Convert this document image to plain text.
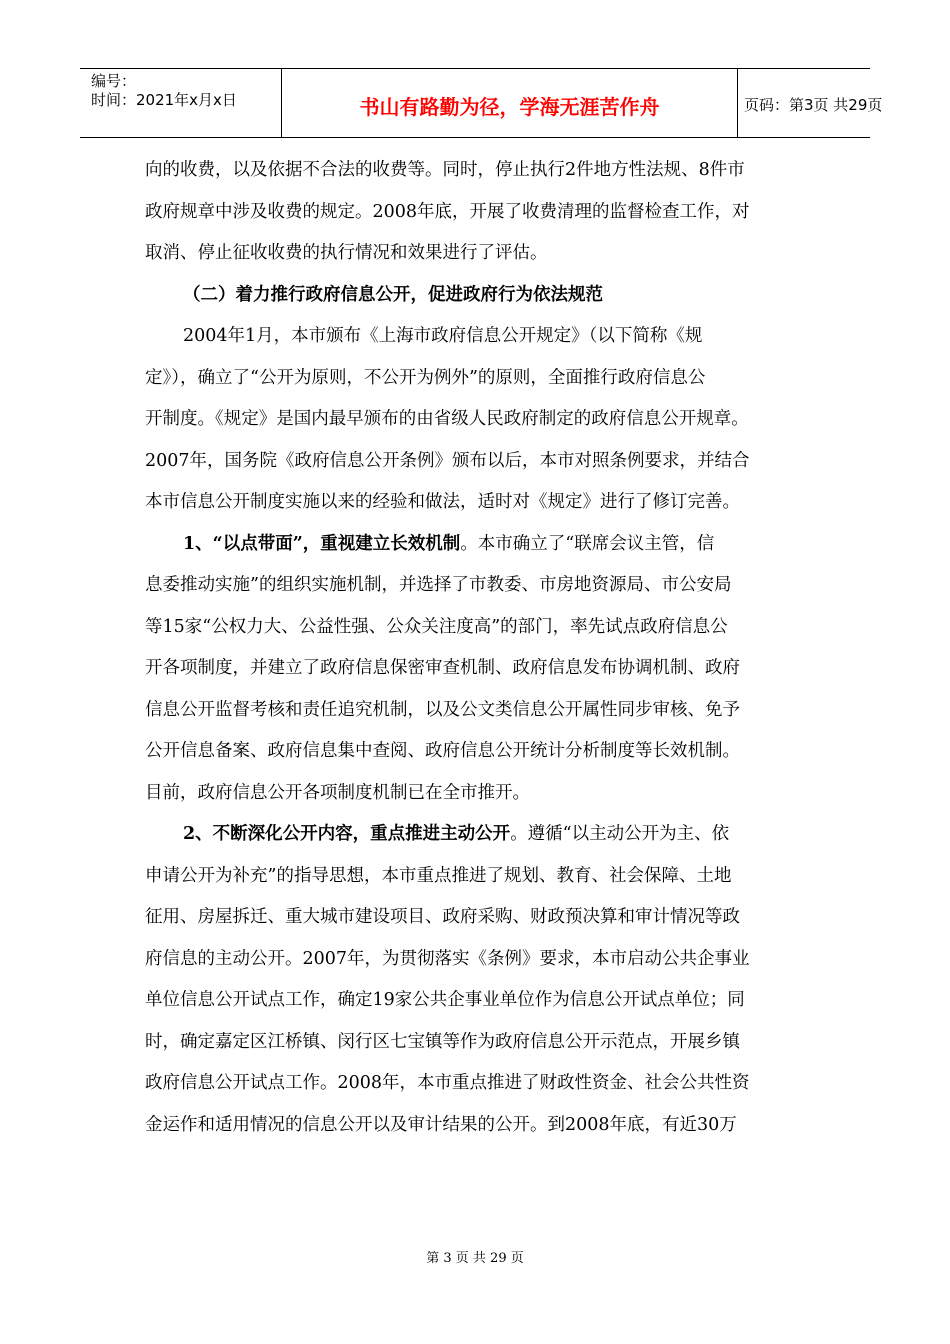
编号：
时间：2021年x月x日	书山有路勤为径，学海无涯苦作舟	页码：第3页 共29页
向的收费，以及依据不合法的收费等。同时，停止执行2件地方性法规、8件市
政府规章中涉及收费的规定。2008年底，开展了收费清理的监督检查工作，对
取消、停止征收收费的执行情况和效果进行了评估。
（二）着力推行政府信息公开，促进政府行为依法规范
2004年1月，本市颁布《上海市政府信息公开规定》（以下简称《规
定》），确立了“公开为原则，不公开为例外”的原则，全面推行政府信息公
开制度。《规定》是国内最早颁布的由省级人民政府制定的政府信息公开规章。
2007年，国务院《政府信息公开条例》颁布以后，本市对照条例要求，并结合
本市信息公开制度实施以来的经验和做法，适时对《规定》进行了修订完善。
1、“以点带面”，重视建立长效机制。本市确立了“联席会议主管，信
息委推动实施”的组织实施机制，并选择了市教委、市房地资源局、市公安局
等15家“公权力大、公益性强、公众关注度高”的部门，率先试点政府信息公
开各项制度，并建立了政府信息保密审查机制、政府信息发布协调机制、政府
信息公开监督考核和责任追究机制，以及公文类信息公开属性同步审核、免予
公开信息备案、政府信息集中查阅、政府信息公开统计分析制度等长效机制。
目前，政府信息公开各项制度机制已在全市推开。
2、不断深化公开内容，重点推进主动公开。遵循“以主动公开为主、依
申请公开为补充”的指导思想，本市重点推进了规划、教育、社会保障、土地
征用、房屋拆迁、重大城市建设项目、政府采购、财政预决算和审计情况等政
府信息的主动公开。2007年，为贯彻落实《条例》要求，本市启动公共企事业
单位信息公开试点工作，确定19家公共企事业单位作为信息公开试点单位；同
时，确定嘉定区江桥镇、闵行区七宝镇等作为政府信息公开示范点，开展乡镇
政府信息公开试点工作。2008年，本市重点推进了财政性资金、社会公共性资
金运作和适用情况的信息公开以及审计结果的公开。到2008年底，有近30万
第 3 页 共 29 页
